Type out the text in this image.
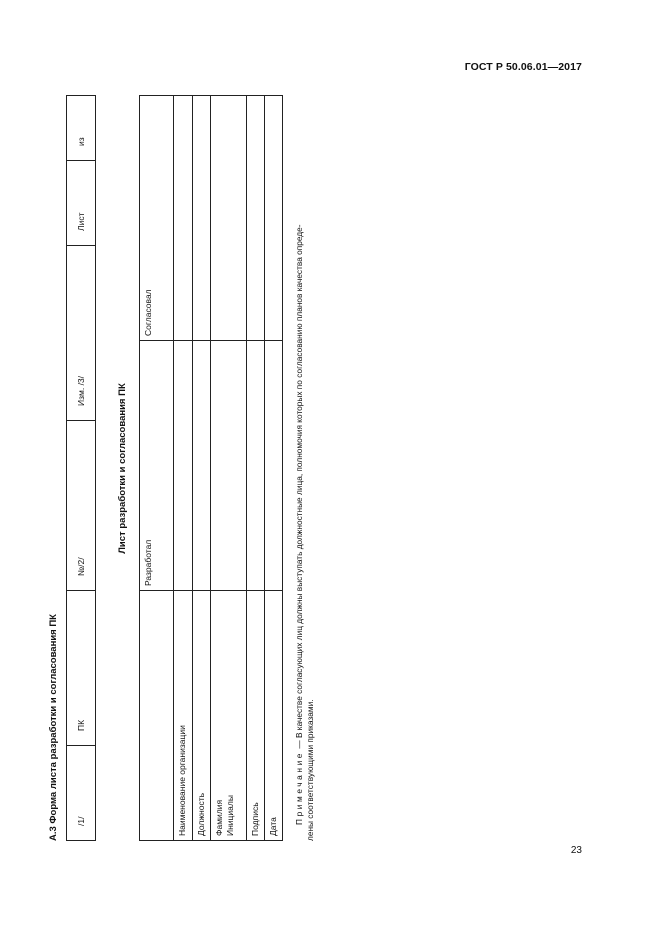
ГОСТ Р 50.06.01—2017
А.3 Форма листа разработки и согласования ПК	/1/	ПК	№/2/	Изм. /3/	Лист	из
Лист разработки и согласования ПК
	Разработал	Согласовал
Наименование организации		
Должность		

Фамилия Инициалы		

Подпись		
Дата		
Примечание — В качестве согласующих лиц должны выступать должностные лица, полномочия которых по согласованию планов качества опреде-
лены соответствующими приказами.
23
